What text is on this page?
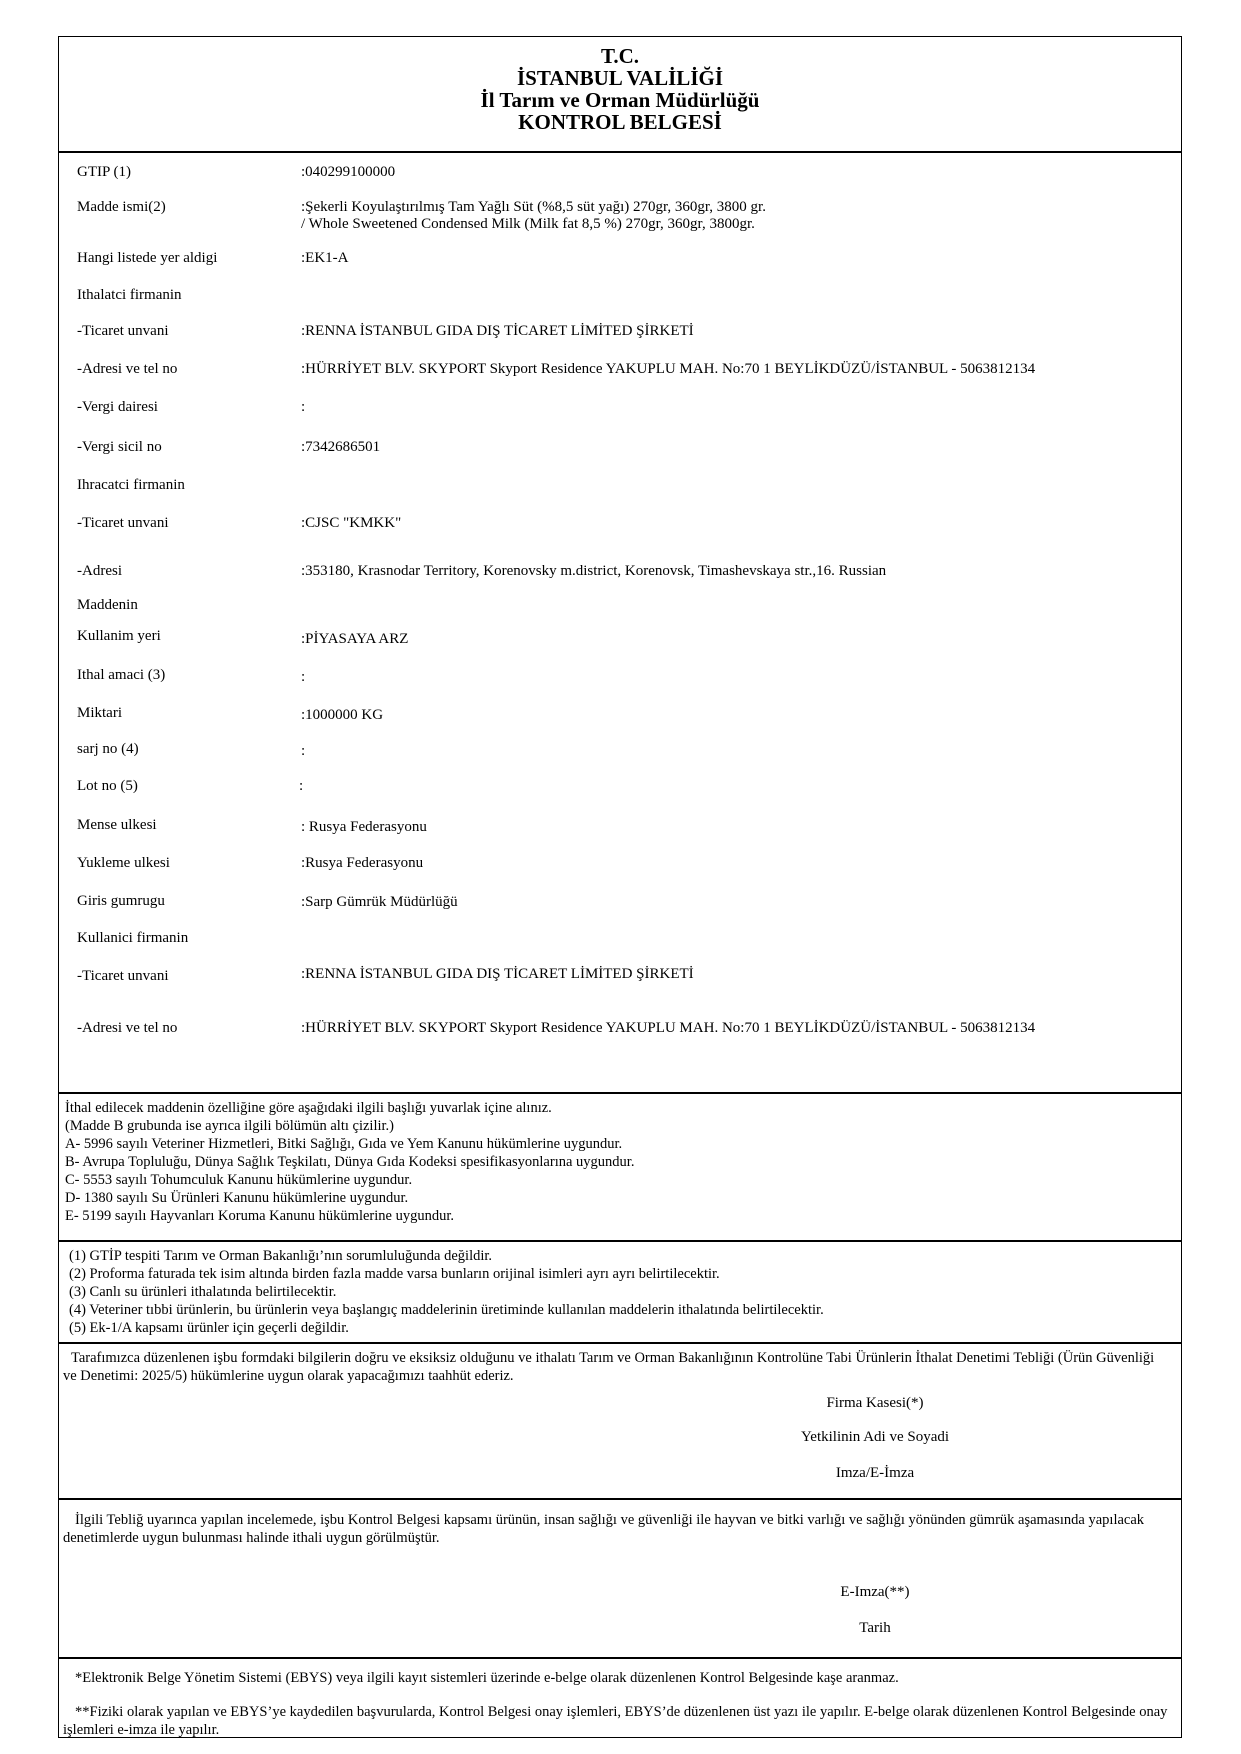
T.C.
İSTANBUL VALİLİĞİ
İl Tarım ve Orman Müdürlüğü
KONTROL BELGESİ
GTIP (1)	:040299100000
Madde ismi(2)	:Şekerli Koyulaştırılmış Tam Yağlı Süt (%8,5 süt yağı) 270gr, 360gr, 3800 gr.
/ Whole Sweetened Condensed Milk (Milk fat 8,5 %) 270gr, 360gr, 3800gr.
Hangi listede yer aldigi	:EK1-A
Ithalatci firmanin
-Ticaret unvani	:RENNA İSTANBUL GIDA DIŞ TİCARET LİMİTED ŞİRKETİ
-Adresi ve tel no	:HÜRRİYET BLV. SKYPORT Skyport Residence YAKUPLU MAH. No:70 1 BEYLİKDÜZÜ/İSTANBUL - 5063812134
-Vergi dairesi	:
-Vergi sicil no	:7342686501
Ihracatci firmanin
-Ticaret unvani	:CJSC "KMKK"
-Adresi	:353180, Krasnodar Territory, Korenovsky m.district, Korenovsk, Timashevskaya str.,16. Russian
Maddenin
Kullanim yeri	:PİYASAYA ARZ
Ithal amaci (3)	:
Miktari	:1000000 KG
sarj no (4)	:
Lot no (5)	:
Mense ulkesi	: Rusya Federasyonu
Yukleme ulkesi	:Rusya Federasyonu
Giris gumrugu	:Sarp Gümrük Müdürlüğü
Kullanici firmanin
-Ticaret unvani	:RENNA İSTANBUL GIDA DIŞ TİCARET LİMİTED ŞİRKETİ
-Adresi ve tel no	:HÜRRİYET BLV. SKYPORT Skyport Residence YAKUPLU MAH. No:70 1 BEYLİKDÜZÜ/İSTANBUL - 5063812134
İthal edilecek maddenin özelliğine göre aşağıdaki ilgili başlığı yuvarlak içine alınız.
(Madde B grubunda ise ayrıca ilgili bölümün altı çizilir.)
A- 5996 sayılı Veteriner Hizmetleri, Bitki Sağlığı, Gıda ve Yem Kanunu hükümlerine uygundur.
B- Avrupa Topluluğu, Dünya Sağlık Teşkilatı, Dünya Gıda Kodeksi spesifikasyonlarına uygundur.
C- 5553 sayılı Tohumculuk Kanunu hükümlerine uygundur.
D- 1380 sayılı Su Ürünleri Kanunu hükümlerine uygundur.
E- 5199 sayılı Hayvanları Koruma Kanunu hükümlerine uygundur.
(1) GTİP tespiti Tarım ve Orman Bakanlığı’nın sorumluluğunda değildir.
(2) Proforma faturada tek isim altında birden fazla madde varsa bunların orijinal isimleri ayrı ayrı belirtilecektir.
(3) Canlı su ürünleri ithalatında belirtilecektir.
(4) Veteriner tıbbi ürünlerin, bu ürünlerin veya başlangıç maddelerinin üretiminde kullanılan maddelerin ithalatında belirtilecektir.
(5) Ek-1/A kapsamı ürünler için geçerli değildir.
Tarafımızca düzenlenen işbu formdaki bilgilerin doğru ve eksiksiz olduğunu ve ithalatı Tarım ve Orman Bakanlığının Kontrolüne Tabi Ürünlerin İthalat Denetimi Tebliği (Ürün Güvenliği ve Denetimi: 2025/5) hükümlerine uygun olarak yapacağımızı taahhüt ederiz.
Firma Kasesi(*)
Yetkilinin Adi ve Soyadi
Imza/E-İmza
İlgili Tebliğ uyarınca yapılan incelemede, işbu Kontrol Belgesi kapsamı ürünün, insan sağlığı ve güvenliği ile hayvan ve bitki varlığı ve sağlığı yönünden gümrük aşamasında yapılacak denetimlerde uygun bulunması halinde ithali uygun görülmüştür.
E-Imza(**)
Tarih
*Elektronik Belge Yönetim Sistemi (EBYS) veya ilgili kayıt sistemleri üzerinde e-belge olarak düzenlenen Kontrol Belgesinde kaşe aranmaz.
**Fiziki olarak yapılan ve EBYS’ye kaydedilen başvurularda, Kontrol Belgesi onay işlemleri, EBYS’de düzenlenen üst yazı ile yapılır. E-belge olarak düzenlenen Kontrol Belgesinde onay işlemleri e-imza ile yapılır.
